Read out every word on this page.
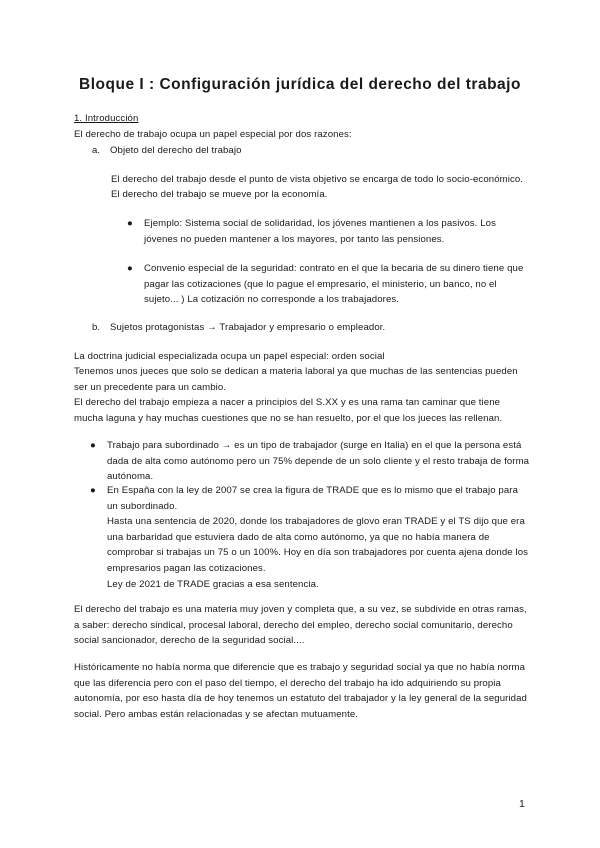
Bloque I : Configuración jurídica del derecho del trabajo
1. Introducción
El derecho de trabajo ocupa un papel especial por dos razones:
a. Objeto del derecho del trabajo
El derecho del trabajo desde el punto de vista objetivo se encarga de todo lo socio-económico.
El derecho del trabajo se mueve por la economía.
● Ejemplo: Sistema social de solidaridad, los jóvenes mantienen a los pasivos. Los jóvenes no pueden mantener a los mayores, por tanto las pensiones.
● Convenio especial de la seguridad: contrato en el que la becaria de su dinero tiene que pagar las cotizaciones (que lo pague el empresario, el ministerio, un banco, no el sujeto... ) La cotización no corresponde a los trabajadores.
b. Sujetos protagonistas → Trabajador y empresario o empleador.
La doctrina judicial especializada ocupa un papel especial: orden social
Tenemos unos jueces que solo se dedican a materia laboral ya que muchas de las sentencias pueden ser un precedente para un cambio.
El derecho del trabajo empieza a nacer a principios del S.XX y es una rama tan caminar que tiene mucha laguna y hay muchas cuestiones que no se han resuelto, por el que los jueces las rellenan.
● Trabajo para subordinado → es un tipo de trabajador (surge en Italia) en el que la persona está dada de alta como autónomo pero un 75% depende de un solo cliente y el resto trabaja de forma autónoma.
● En España con la ley de 2007 se crea la figura de TRADE que es lo mismo que el trabajo para un subordinado.
Hasta una sentencia de 2020, donde los trabajadores de glovo eran TRADE y el TS dijo que era una barbaridad que estuviera dado de alta como autónomo, ya que no había manera de comprobar si trabajas un 75 o un 100%. Hoy en día son trabajadores por cuenta ajena donde los empresarios pagan las cotizaciones.
Ley de 2021 de TRADE gracias a esa sentencia.
El derecho del trabajo es una materia muy joven y completa que, a su vez, se subdivide en otras ramas, a saber: derecho sindical, procesal laboral, derecho del empleo, derecho social comunitario, derecho social sancionador, derecho de la seguridad social....
Históricamente no había norma que diferencie que es trabajo y seguridad social ya que no había norma que las diferencia pero con el paso del tiempo, el derecho del trabajo ha ido adquiriendo su propia autonomía, por eso hasta día de hoy tenemos un estatuto del trabajador y la ley general de la seguridad social. Pero ambas están relacionadas y se afectan mutuamente.
1
